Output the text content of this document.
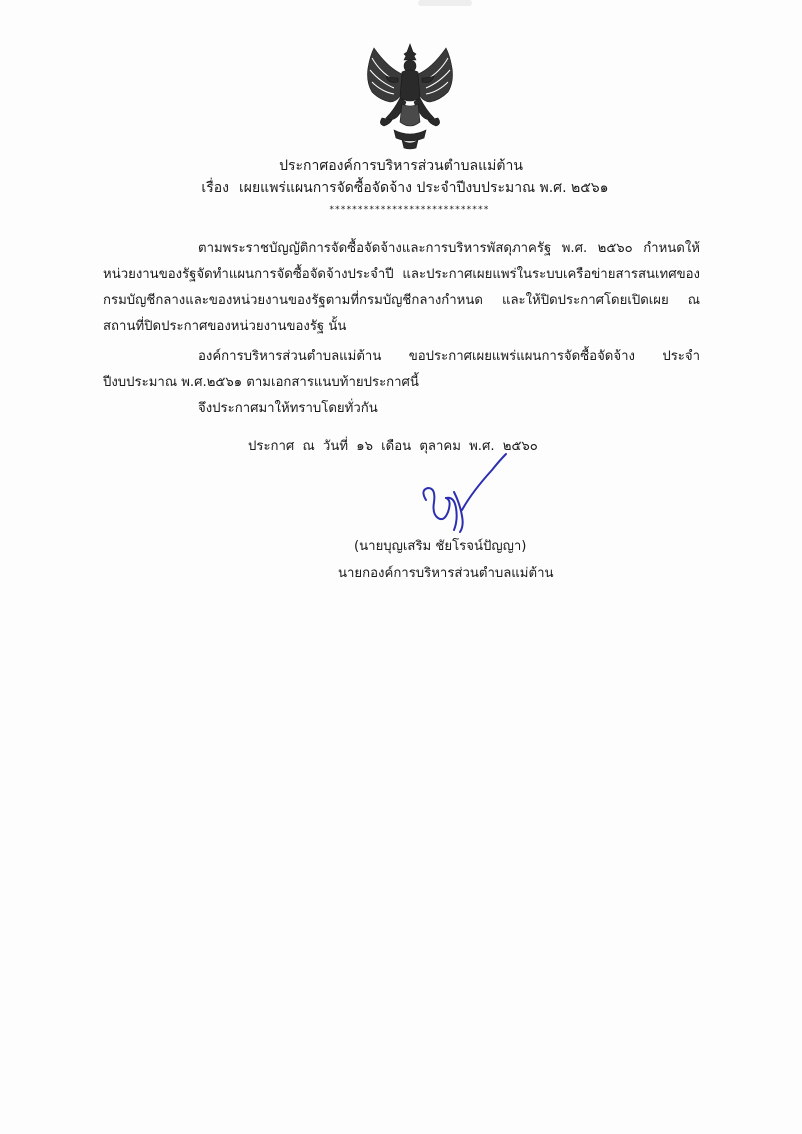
ประกาศองค์การบริหารส่วนตำบลแม่ต้าน
เรื่อง เผยแพร่แผนการจัดซื้อจัดจ้าง ประจำปีงบประมาณ พ.ศ. ๒๕๖๑
****************************
ตามพระราชบัญญัติการจัดซื้อจัดจ้างและการบริหารพัสดุภาครัฐ พ.ศ. ๒๕๖๐ กำหนดให้หน่วยงานของรัฐจัดทำแผนการจัดซื้อจัดจ้างประจำปี และประกาศเผยแพร่ในระบบเครือข่ายสารสนเทศของกรมบัญชีกลางและของหน่วยงานของรัฐตามที่กรมบัญชีกลางกำหนด และให้ปิดประกาศโดยเปิดเผย ณ สถานที่ปิดประกาศของหน่วยงานของรัฐ นั้น
องค์การบริหารส่วนตำบลแม่ต้าน ขอประกาศเผยแพร่แผนการจัดซื้อจัดจ้าง ประจำปีงบประมาณ พ.ศ.๒๕๖๑ ตามเอกสารแนบท้ายประกาศนี้
จึงประกาศมาให้ทราบโดยทั่วกัน
ประกาศ ณ วันที่ ๑๖ เดือน ตุลาคม พ.ศ. ๒๕๖๐
(นายบุญเสริม ชัยโรจน์ปัญญา)
นายกองค์การบริหารส่วนตำบลแม่ต้าน
